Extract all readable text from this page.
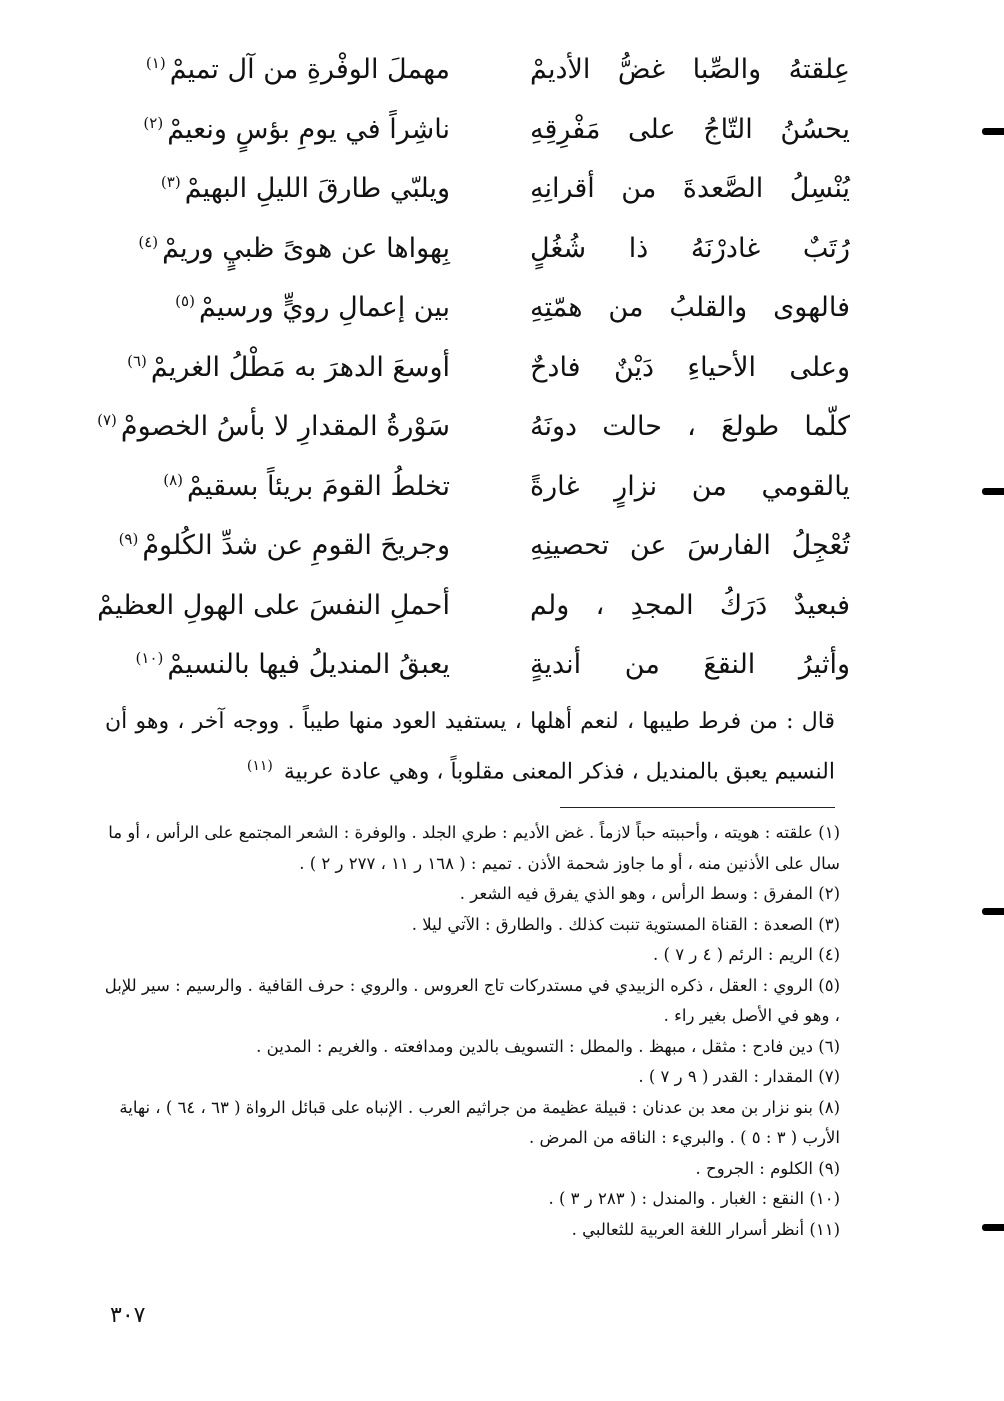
عِلقتهُ والصِّبا غضُّ الأديمْ
مهملَ الوفْرةِ من آل تميمْ$^{(١)}$
يحسُنُ التّاجُ على مَفْرِقِهِ
ناشِراً في يومِ بؤسٍ ونعيمْ$^{(٢)}$
يُنْسِلُ الصَّعدةَ من أقرانِهِ
ويلبّي طارقَ الليلِ البهيمْ$^{(٣)}$
رُتَبٌ غادرْنَهُ ذا شُغُلٍ
بِهواها عن هوىً ظبيٍ وريمْ$^{(٤)}$
فالهوى والقلبُ من همّتِهِ
بين إعمالِ رويٍّ ورسيمْ$^{(٥)}$
وعلى الأحياءِ دَيْنٌ فادحٌ
أوسعَ الدهرَ به مَطْلُ الغريمْ$^{(٦)}$
كلّما طولعَ ، حالت دونَهُ
سَوْرةُ المقدارِ لا بأسُ الخصومْ$^{(٧)}$
يالقومي من نزارٍ غارةً
تخلطُ القومَ بريئاً بسقيمْ$^{(٨)}$
تُعْجِلُ الفارسَ عن تحصينِهِ
وجريحَ القومِ عن شدِّ الكُلومْ$^{(٩)}$
فبعيدٌ دَرَكُ المجدِ ، ولم
أحملِ النفسَ على الهولِ العظيمْ
وأثيرُ النقعَ من أنديةٍ
يعبقُ المنديلُ فيها بالنسيمْ$^{(١٠)}$
قال : من فرط طيبها ، لنعم أهلها ، يستفيد العود منها طيباً . ووجه آخر ، وهو أن النسيم يعبق بالمنديل ، فذكر المعنى مقلوباً ، وهي عادة عربية $^{(١١)}$
(١) علقته : هويته ، وأحببته حباً لازماً . غض الأديم : طري الجلد . والوفرة : الشعر المجتمع على الرأس ، أو ما سال على الأذنين منه ، أو ما جاوز شحمة الأذن . تميم : ( ١٦٨ ر ١١ ، ٢٧٧ ر ٢ ) .
(٢) المفرق : وسط الرأس ، وهو الذي يفرق فيه الشعر .
(٣) الصعدة : القناة المستوية تنبت كذلك . والطارق : الآتي ليلا .
(٤) الريم : الرئم ( ٤ ر ٧ ) .
(٥) الروي : العقل ، ذكره الزبيدي في مستدركات تاج العروس . والروي : حرف القافية . والرسيم : سير للإبل ، وهو في الأصل بغير راء .
(٦) دين فادح : مثقل ، مبهظ . والمطل : التسويف بالدين ومدافعته . والغريم : المدين .
(٧) المقدار : القدر ( ٩ ر ٧ ) .
(٨) بنو نزار بن معد بن عدنان : قبيلة عظيمة من جراثيم العرب . الإنباه على قبائل الرواة ( ٦٣ ، ٦٤ ) ، نهاية الأرب ( ٣ : ٥ ) . والبريء : الناقه من المرض .
(٩) الكلوم : الجروح .
(١٠) النقع : الغبار . والمندل : ( ٢٨٣ ر ٣ ) .
(١١) أنظر أسرار اللغة العربية للثعالبي .
٣٠٧
